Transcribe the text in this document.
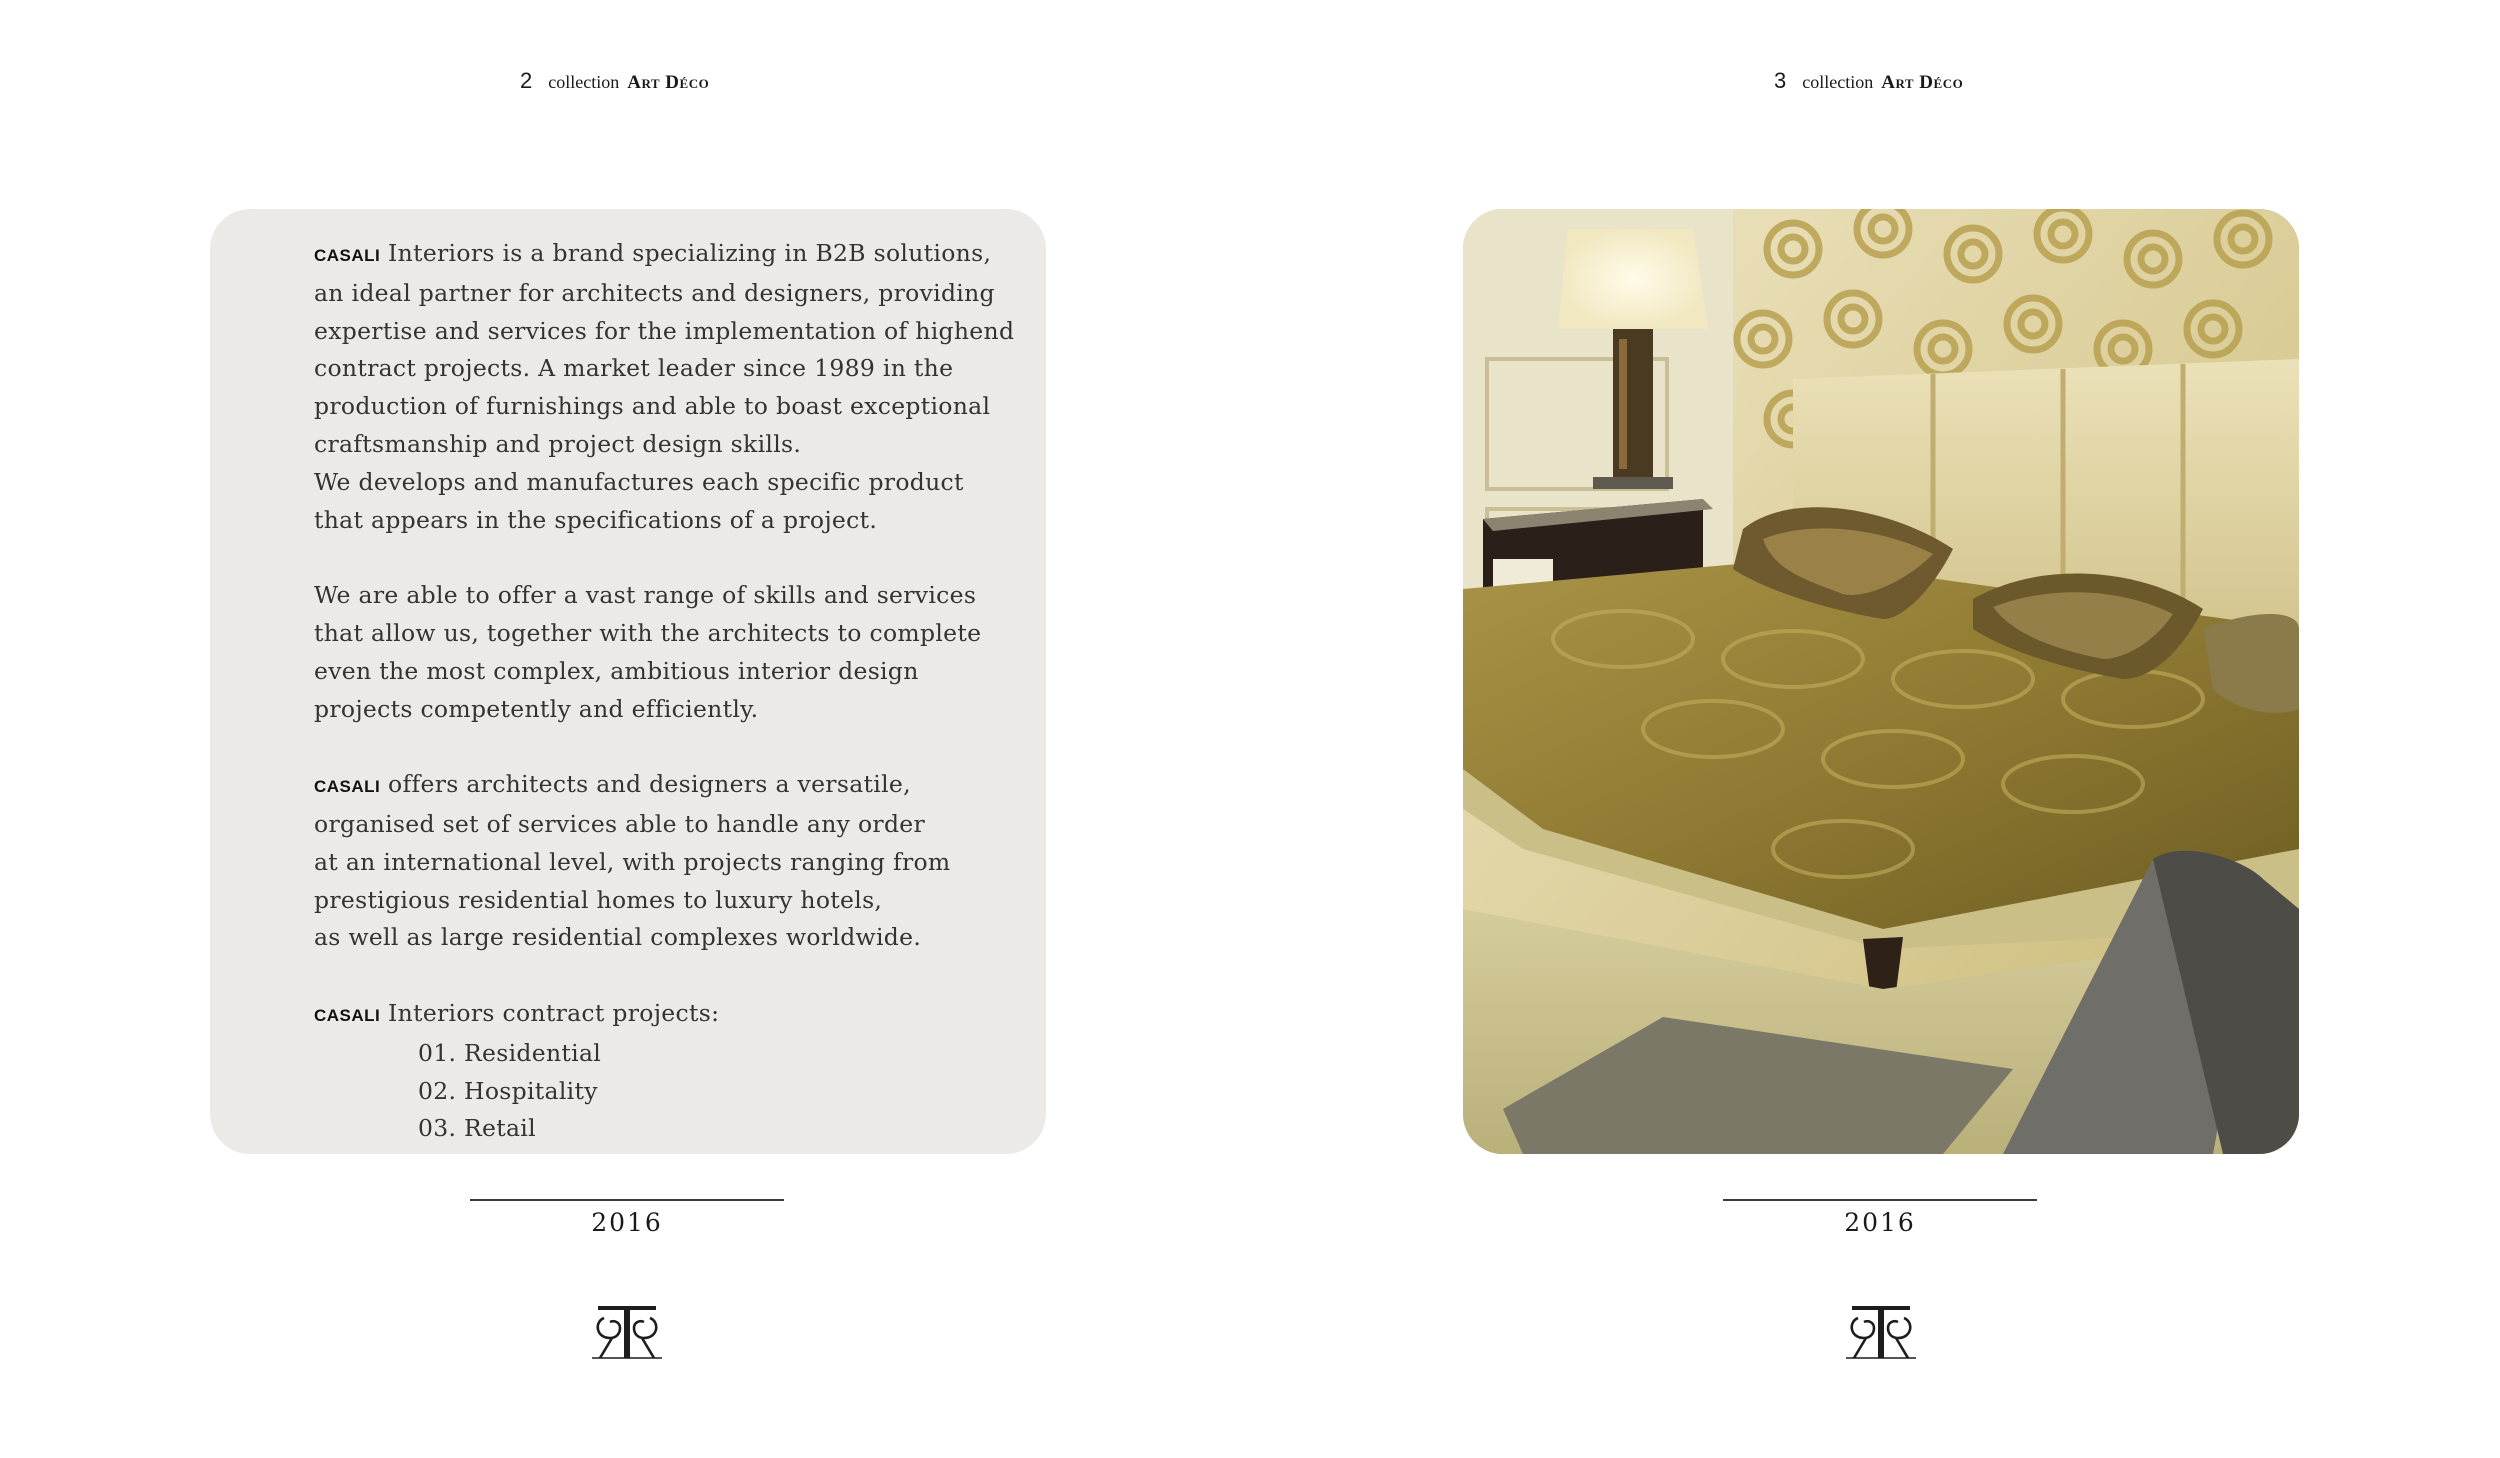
2 collection Art Déco
CASALI Interiors is a brand specializing in B2B solutions,
an ideal partner for architects and designers, providing
expertise and services for the implementation of highend
contract projects. A market leader since 1989 in the
production of furnishings and able to boast exceptional
craftsmanship and project design skills.
We develops and manufactures each specific product
that appears in the specifications of a project.
We are able to offer a vast range of skills and services
that allow us, together with the architects to complete
even the most complex, ambitious interior design
projects competently and efficiently.
CASALI offers architects and designers a versatile,
organised set of services able to handle any order
at an international level, with projects ranging from
prestigious residential homes to luxury hotels,
as well as large residential complexes worldwide.
CASALI Interiors contract projects:
01. Residential
02. Hospitality
03. Retail
2016
3 collection Art Déco
2016
